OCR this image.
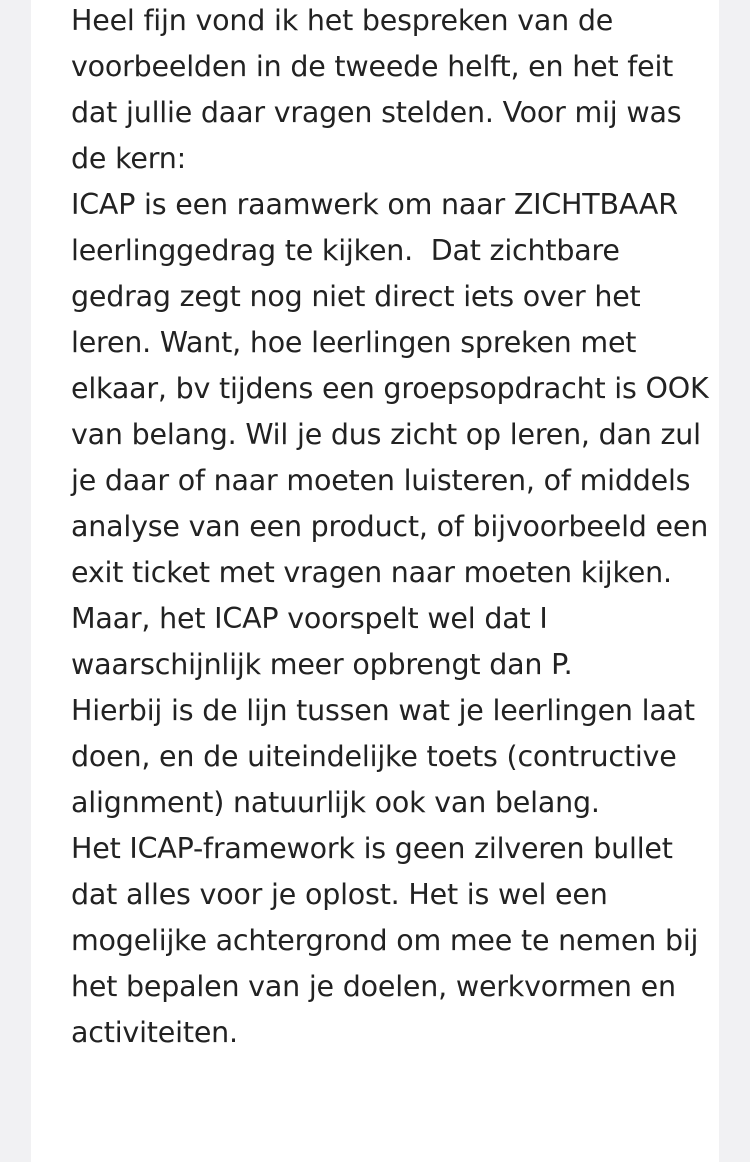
Heel fijn vond ik het bespreken van de voorbeelden in de tweede helft, en het feit dat jullie daar vragen stelden. Voor mij was de kern:

ICAP is een raamwerk om naar ZICHTBAAR leerlinggedrag te kijken.  Dat zichtbare gedrag zegt nog niet direct iets over het leren. Want, hoe leerlingen spreken met elkaar, bv tijdens een groepsopdracht is OOK van belang. Wil je dus zicht op leren, dan zul je daar of naar moeten luisteren, of middels analyse van een product, of bijvoorbeeld een exit ticket met vragen naar moeten kijken.

Maar, het ICAP voorspelt wel dat I waarschijnlijk meer opbrengt dan P.

Hierbij is de lijn tussen wat je leerlingen laat doen, en de uiteindelijke toets (contructive alignment) natuurlijk ook van belang.

Het ICAP-framework is geen zilveren bullet dat alles voor je oplost. Het is wel een mogelijke achtergrond om mee te nemen bij het bepalen van je doelen, werkvormen en activiteiten.
